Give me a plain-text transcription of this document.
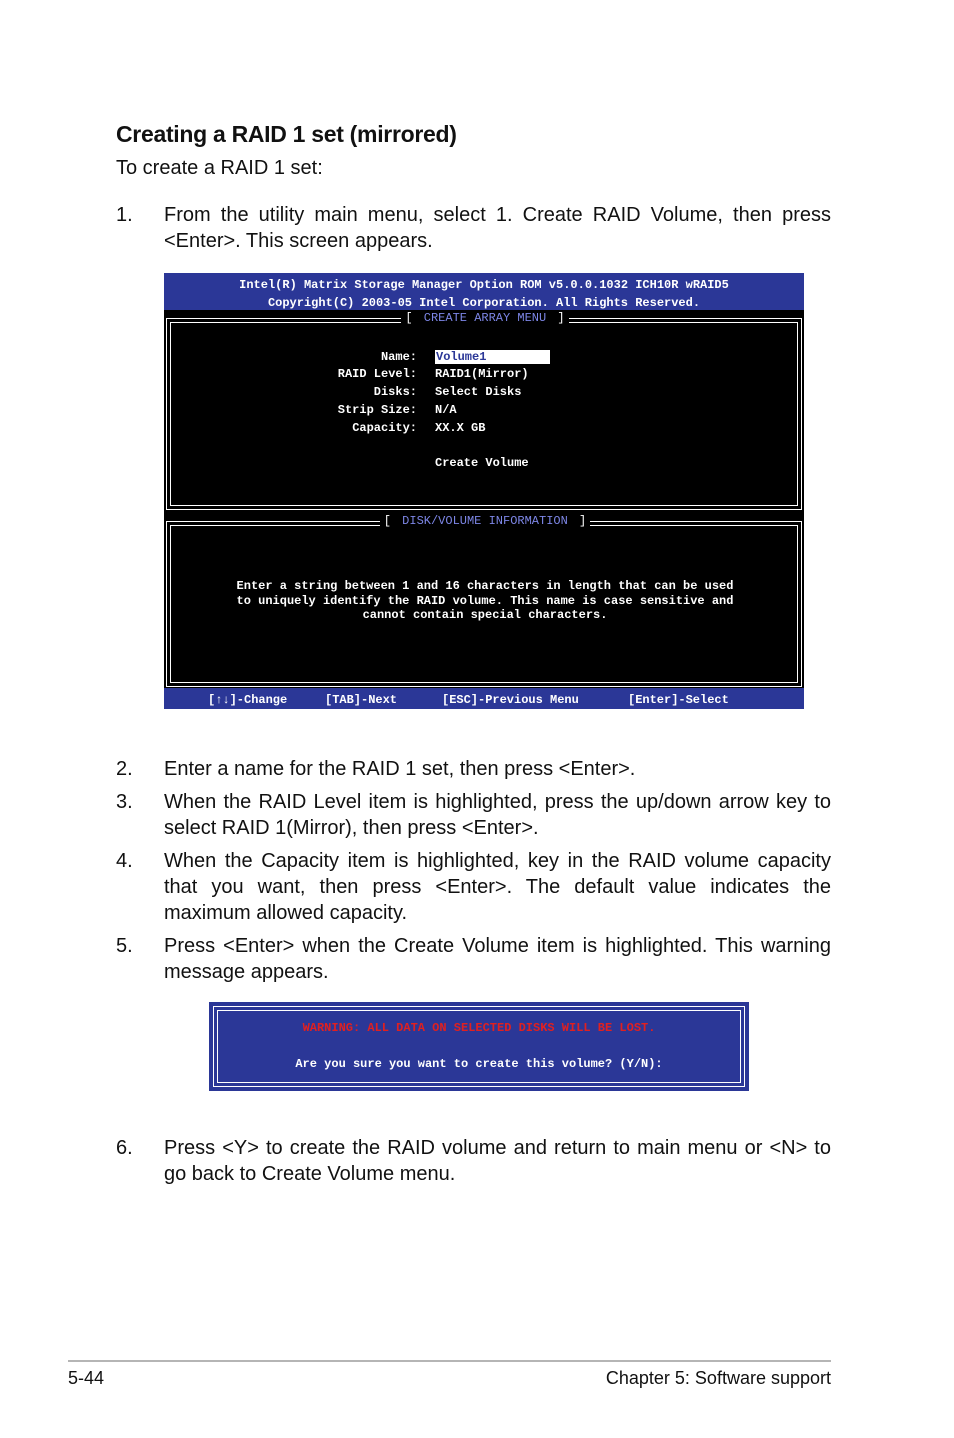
Creating a RAID 1 set (mirrored)
To create a RAID 1 set:
1. From the utility main menu, select 1. Create RAID Volume, then press <Enter>. This screen appears.
Intel(R) Matrix Storage Manager Option ROM v5.0.0.1032 ICH10R wRAID5
Copyright(C) 2003-05 Intel Corporation. All Rights Reserved.
[ CREATE ARRAY MENU ]
Name: Volume1
RAID Level: RAID1(Mirror)
Disks: Select Disks
Strip Size: N/A
Capacity: XX.X GB
Create Volume
[ DISK/VOLUME INFORMATION ]
Enter a string between 1 and 16 characters in length that can be used
to uniquely identify the RAID volume. This name is case sensitive and
cannot contain special characters.
[↑↓]-Change	[TAB]-Next	[ESC]-Previous Menu	[Enter]-Select
2. Enter a name for the RAID 1 set, then press <Enter>.
3. When the RAID Level item is highlighted, press the up/down arrow key to select RAID 1(Mirror), then press <Enter>.
4. When the Capacity item is highlighted, key in the RAID volume capacity that you want, then press <Enter>. The default value indicates the maximum allowed capacity.
5. Press <Enter> when the Create Volume item is highlighted. This warning message appears.
WARNING: ALL DATA ON SELECTED DISKS WILL BE LOST.
Are you sure you want to create this volume? (Y/N):
6. Press <Y> to create the RAID volume and return to main menu or <N> to go back to Create Volume menu.
5-44	Chapter 5: Software support
